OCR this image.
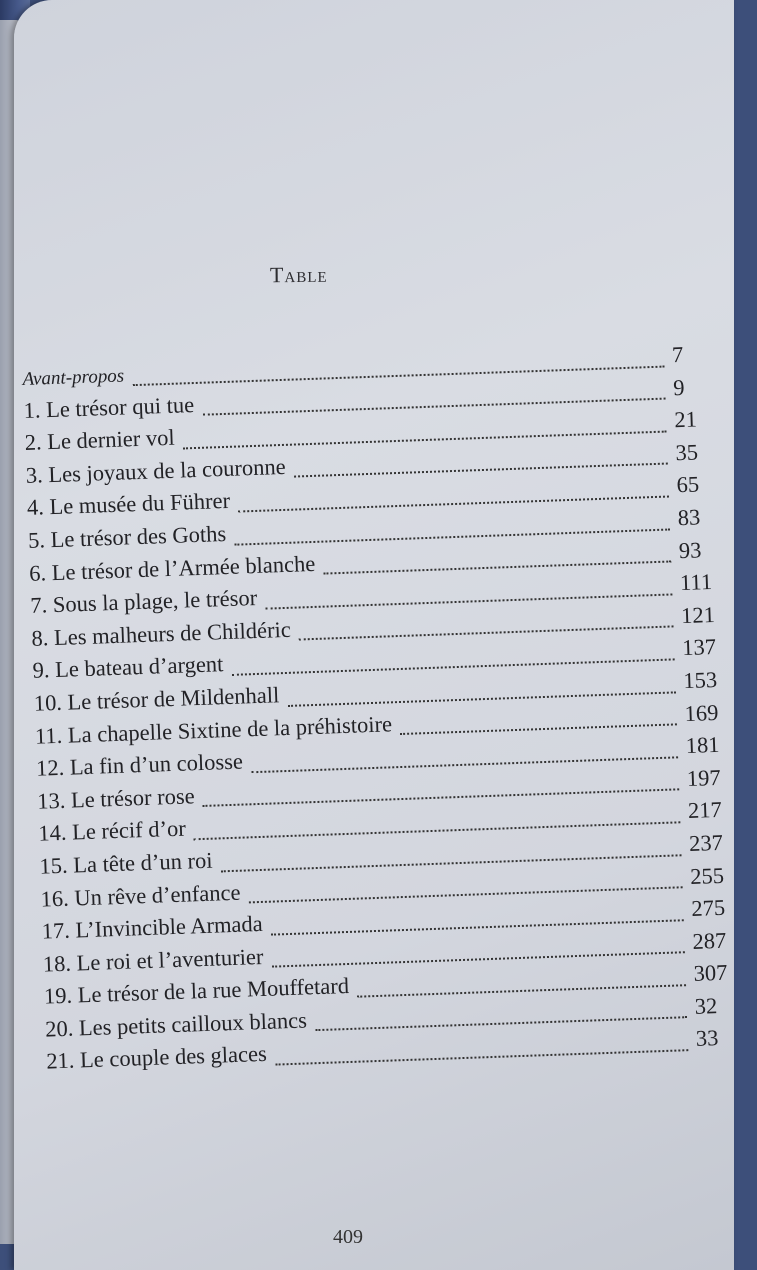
Table
Avant-propos
7
1. Le trésor qui tue
9
2. Le dernier vol
21
3. Les joyaux de la couronne
35
4. Le musée du Führer
65
5. Le trésor des Goths
83
6. Le trésor de l’Armée blanche
93
7. Sous la plage, le trésor
111
8. Les malheurs de Childéric
121
9. Le bateau d’argent
137
10. Le trésor de Mildenhall
153
11. La chapelle Sixtine de la préhistoire	169
12. La fin d’un colosse
181
13. Le trésor rose
197
14. Le récif d’or
217
15. La tête d’un roi
237
16. Un rêve d’enfance
255
17. L’Invincible Armada
275
18. Le roi et l’aventurier
287
19. Le trésor de la rue Mouffetard
307
20. Les petits cailloux blancs
32
21. Le couple des glaces
33
409
